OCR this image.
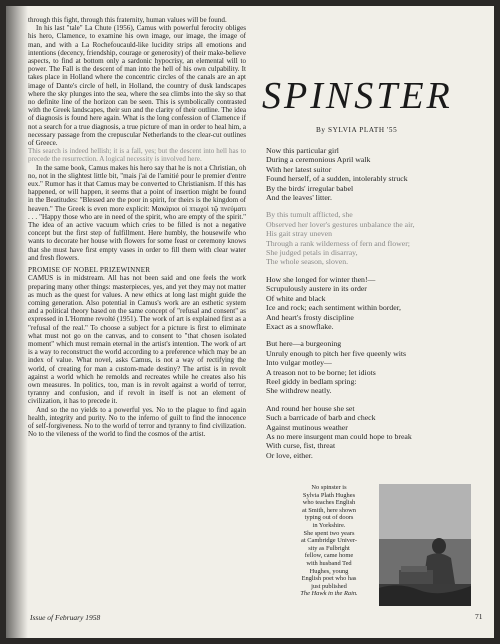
through this fight, through this fraternity, human values will be found.

In his last "tale" La Chute (1956), Camus with powerful ferocity obliges his hero, Clamence, to examine his own image, our image, the image of man, and with a La Rochefoucauld-like lucidity strips all emotions and intentions (decency, friendship, courage or generosity) of their make-believe aspects, to find at bottom only a sardonic hypocrisy, an elemental will to power. The Fall is the descent of man into the hell of his own culpability. It takes place in Holland where the concentric circles of the canals are an apt image of Dante's circle of hell, in Holland, the country of dusk landscapes where the sky plunges into the sea, where the sea climbs into the sky so that no definite line of the horizon can be seen. This is symbolically contrasted with the Greek landscapes, their sun and the clarity of their outline. The idea of diagnosis is found here again. What is the long confession of Clamence if not a search for a true diagnosis, a true picture of man in order to heal him, a necessary passage from the crepuscular Netherlands to the clear-cut outlines of Greece.

This search is indeed hellish; it is a fall, yes; but the descent into hell has to precede the resurrection. A logical necessity is involved here.

In the same book, Camus makes his hero say that he is not a Christian, oh no, not in the slightest little bit, "mais j'ai de l'amitié pour le premier d'entre eux." Rumor has it that Camus may be converted to Christianism. If this has happened, or will happen, it seems that a point of insertion might be found in the Beatitudes: "Blessed are the poor in spirit, for theirs is the kingdom of heaven." The Greek is even more explicit: Μακάριοι οἱ πτωχοὶ τῷ πνεύματι . . . "Happy those who are in need of the spirit, who are empty of the spirit." The idea of an active vacuum which cries to be filled is not a negative concept but the first step of fulfillment. Here humbly, the housewife who wants to decorate her house with flowers for some feast or ceremony knows that she must have first empty vases in order to fill them with clear water and fresh flowers.

PROMISE OF NOBEL PRIZEWINNER

CAMUS is in midstream. All has not been said and one feels the work preparing many other things: masterpieces, yes, and yet they may not matter as much as the quest for values. A new ethics at long last might guide the coming generation. Also potential in Camus's work are an esthetic system and a political theory based on the same concept of "refusal and consent" as expressed in L'Homme revolté (1951). The work of art is explained first as a "refusal of the real." To choose a subject for a picture is first to eliminate what must not go on the canvas, and to consent to "that chosen isolated moment" which must remain eternal in the artist's intention. The work of art is a way to reconstruct the world according to a preference which may be an index of value. What novel, asks Camus, is not a way of rectifying the world, of creating for man a custom-made destiny? The artist is in revolt against a world which he remolds and recreates while he creates also his own measures. In politics, too, man is in revolt against a world of terror, tyranny and confusion, and if revolt in itself is not an element of civilization, it has to precede it.

And so the no yields to a powerful yes. No to the plague to find again health, integrity and purity. No to the inferno of guilt to find the innocence of self-forgiveness. No to the world of terror and tyranny to find civilization. No to the vileness of the world to find the cosmos of the artist.

Issue of February 1958
SPINSTER
By SYLVIA PLATH '55
Now this particular girl
During a ceremonious April walk
With her latest suitor
Found herself, of a sudden, intolerably struck
By the birds' irregular babel
And the leaves' litter.
By this tumult afflicted, she
Observed her lover's gestures unbalance the air,
His gait stray uneven
Through a rank wilderness of fern and flower;
She judged petals in disarray,
The whole season, sloven.
How she longed for winter then!—
Scrupulously austere in its order
Of white and black
Ice and rock; each sentiment within border,
And heart's frosty discipline
Exact as a snowflake.
But here—a burgeoning
Unruly enough to pitch her five queenly wits
Into vulgar motley—
A treason not to be borne; let idiots
Reel giddy in bedlam spring:
She withdrew neatly.
And round her house she set
Such a barricade of barb and check
Against mutinous weather
As no mere insurgent man could hope to break
With curse, fist, threat
Or love, either.
No spinster is
Sylvia Plath Hughes
who teaches English
at Smith, here shown
typing out of doors
in Yorkshire.
She spent two years
at Cambridge Univer-
sity as Fulbright
fellow, came home
with husband Ted
Hughes, young
English poet who has
just published
The Hawk in the Rain.
71
